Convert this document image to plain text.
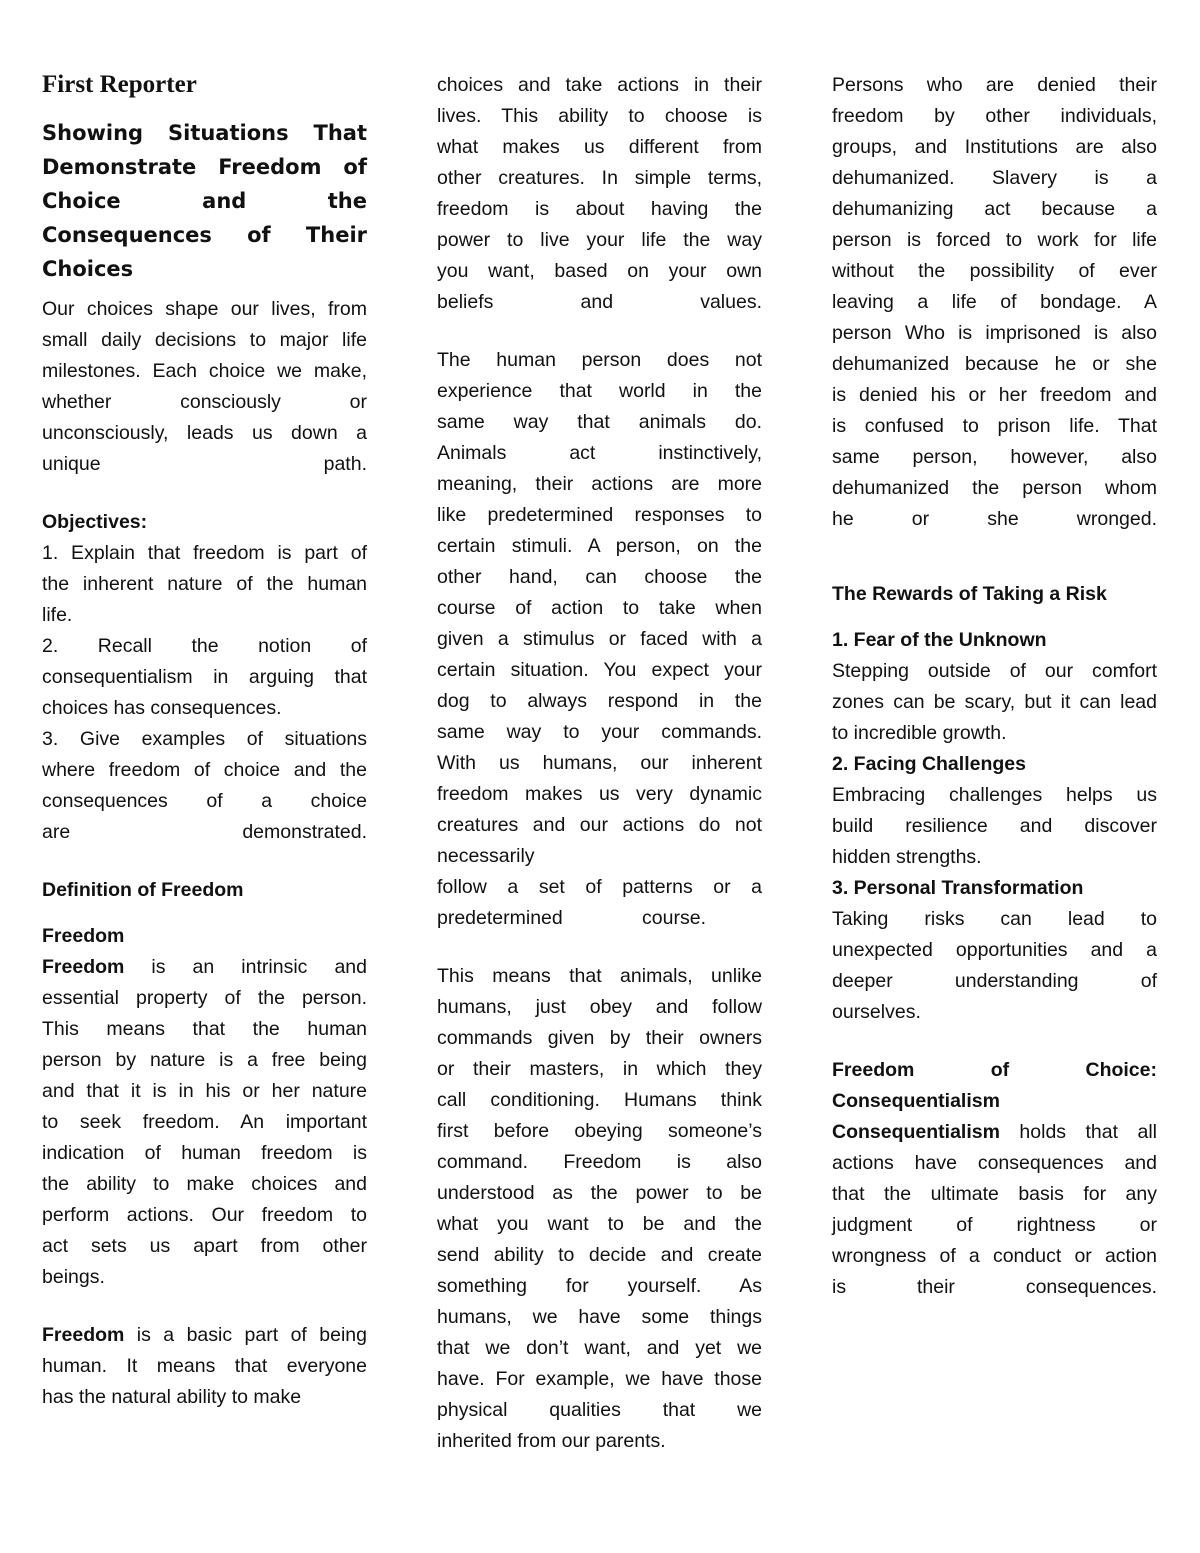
First Reporter
Showing Situations That
Demonstrate Freedom of
Choice and the
Consequences of Their
Choices

Our choices shape our lives, from

small daily decisions to major life

milestones. Each choice we make,

whether consciously or

unconsciously, leads us down a

unique path.

Objectives:

1. Explain that freedom is part of

the inherent nature of the human

life.

2. Recall the notion of

consequentialism in arguing that

choices has consequences.

3. Give examples of situations

where freedom of choice and the

consequences of a choice

are demonstrated.

Definition of Freedom

Freedom

Freedom is an intrinsic and

essential property of the person.

This means that the human

person by nature is a free being

and that it is in his or her nature

to seek freedom. An important

indication of human freedom is

the ability to make choices and

perform actions. Our freedom to

act sets us apart from other

beings.

Freedom is a basic part of being

human. It means that everyone

has the natural ability to make

choices and take actions in their

lives. This ability to choose is

what makes us different from

other creatures. In simple terms,

freedom is about having the

power to live your life the way

you want, based on your own

beliefs and values.

The human person does not

experience that world in the

same way that animals do.

Animals act instinctively,

meaning, their actions are more

like predetermined responses to

certain stimuli. A person, on the

other hand, can choose the

course of action to take when

given a stimulus or faced with a

certain situation. You expect your

dog to always respond in the

same way to your commands.

With us humans, our inherent

freedom makes us very dynamic

creatures and our actions do not

necessarily

follow a set of patterns or a

predetermined course.

This means that animals, unlike

humans, just obey and follow

commands given by their owners

or their masters, in which they

call conditioning. Humans think

first before obeying someone’s

command. Freedom is also

understood as the power to be

what you want to be and the

send ability to decide and create

something for yourself. As

humans, we have some things

that we don’t want, and yet we

have. For example, we have those

physical qualities that we

inherited from our parents.

Persons who are denied their

freedom by other individuals,

groups, and Institutions are also

dehumanized. Slavery is a

dehumanizing act because a

person is forced to work for life

without the possibility of ever

leaving a life of bondage. A

person Who is imprisoned is also

dehumanized because he or she

is denied his or her freedom and

is confused to prison life. That

same person, however, also

dehumanized the person whom

he or she wronged.

The Rewards of Taking a Risk

1. Fear of the Unknown

Stepping outside of our comfort

zones can be scary, but it can lead

to incredible growth.

2. Facing Challenges

Embracing challenges helps us

build resilience and discover

hidden strengths.

3. Personal Transformation

Taking risks can lead to

unexpected opportunities and a

deeper understanding of

ourselves.

Freedom of Choice:

Consequentialism

Consequentialism holds that all

actions have consequences and

that the ultimate basis for any

judgment of rightness or

wrongness of a conduct or action

is their consequences.
